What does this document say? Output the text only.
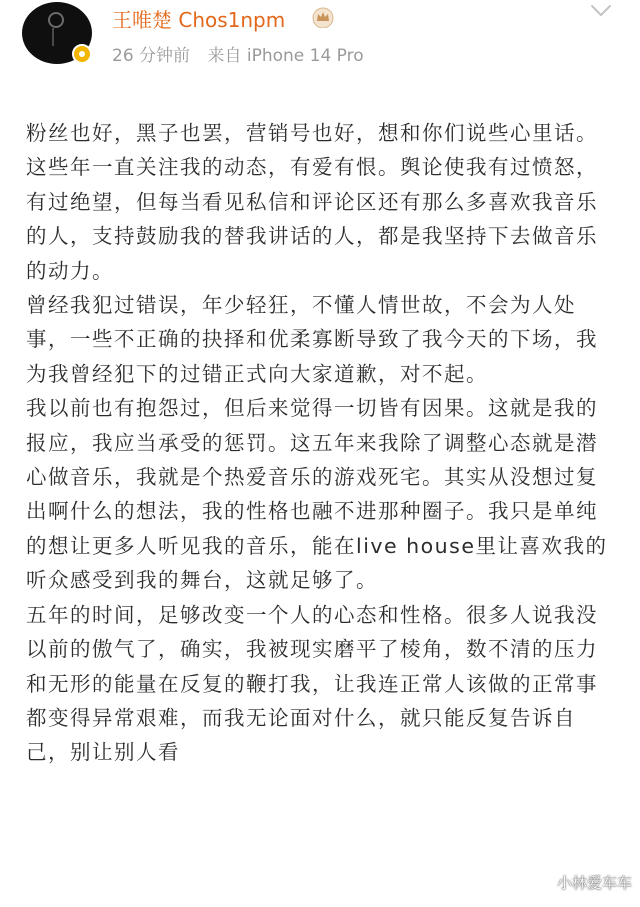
王唯楚 Chos1npm
26 分钟前 来自 iPhone 14 Pro

粉丝也好，黑子也罢，营销号也好，想和你们说些心里话。这些年一直关注我的动态，有爱有恨。舆论使我有过愤怒，有过绝望，但每当看见私信和评论区还有那么多喜欢我音乐的人，支持鼓励我的替我讲话的人，都是我坚持下去做音乐的动力。

曾经我犯过错误，年少轻狂，不懂人情世故，不会为人处事，一些不正确的抉择和优柔寡断导致了我今天的下场，我为我曾经犯下的过错正式向大家道歉，对不起。

我以前也有抱怨过，但后来觉得一切皆有因果。这就是我的报应，我应当承受的惩罚。这五年来我除了调整心态就是潜心做音乐，我就是个热爱音乐的游戏死宅。其实从没想过复出啊什么的想法，我的性格也融不进那种圈子。我只是单纯的想让更多人听见我的音乐，能在live house里让喜欢我的听众感受到我的舞台，这就足够了。

五年的时间，足够改变一个人的心态和性格。很多人说我没以前的傲气了，确实，我被现实磨平了棱角，数不清的压力和无形的能量在反复的鞭打我，让我连正常人该做的正常事都变得异常艰难，而我无论面对什么，就只能反复告诉自己，别让别人看

小林爱车车
